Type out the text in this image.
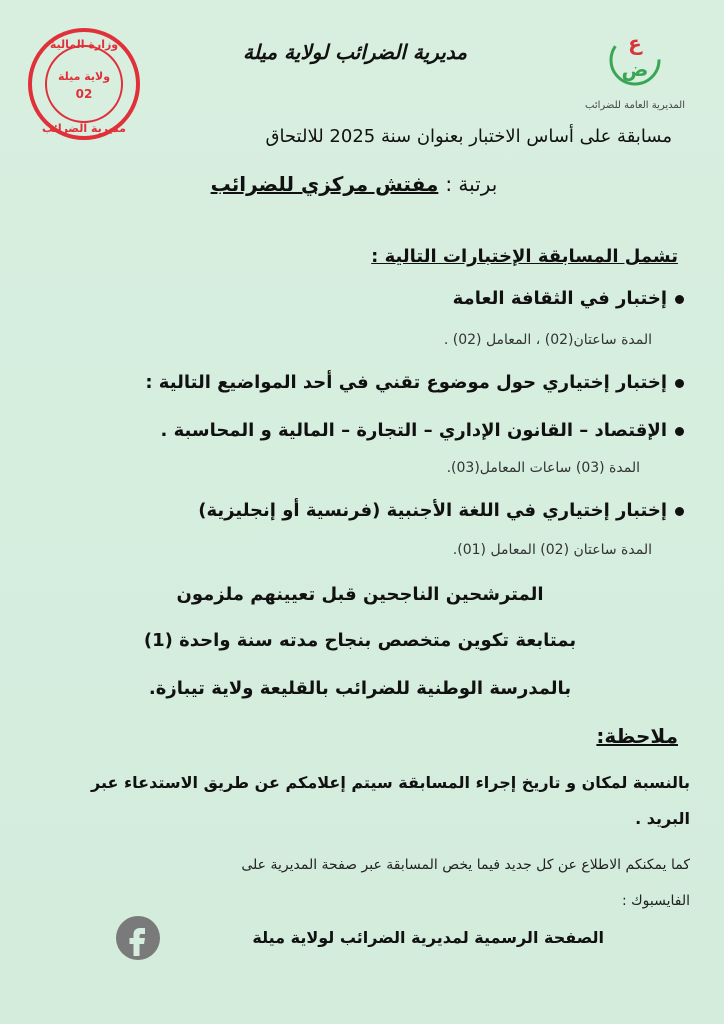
مديرية الضرائب لولاية ميلة	ع
ض
المديرية العامة للضرائب
وزارة المالية
ولاية ميلة
02
مديرية الضرائب	مسابقة على أساس الاختبار بعنوان سنة 2025 للالتحاق
برتبة : مفتش مركزي للضرائب
تشمل المسابقة الإختبارات التالية :
إختبار في الثقافة العامة
المدة ساعتان(02) ، المعامل (02) .
إختبار إختياري حول موضوع تقني في أحد المواضيع التالية :
الإقتصاد – القانون الإداري – التجارة – المالية و المحاسبة .
المدة (03) ساعات المعامل(03).
إختبار إختياري في اللغة الأجنبية (فرنسية أو إنجليزية)
المدة ساعتان (02) المعامل (01).
المترشحين الناجحين قبل تعيينهم ملزمون
بمتابعة تكوين متخصص بنجاح مدته سنة واحدة (1)
بالمدرسة الوطنية للضرائب بالقليعة ولاية تيبازة.
ملاحظة:
بالنسبة لمكان و تاريخ إجراء المسابقة سيتم إعلامكم عن طريق الاستدعاء عبر
البريد .
كما يمكنكم الاطلاع عن كل جديد فيما يخص المسابقة عبر صفحة المديرية على
الفايسبوك :
الصفحة الرسمية لمديرية الضرائب لولاية ميلة
